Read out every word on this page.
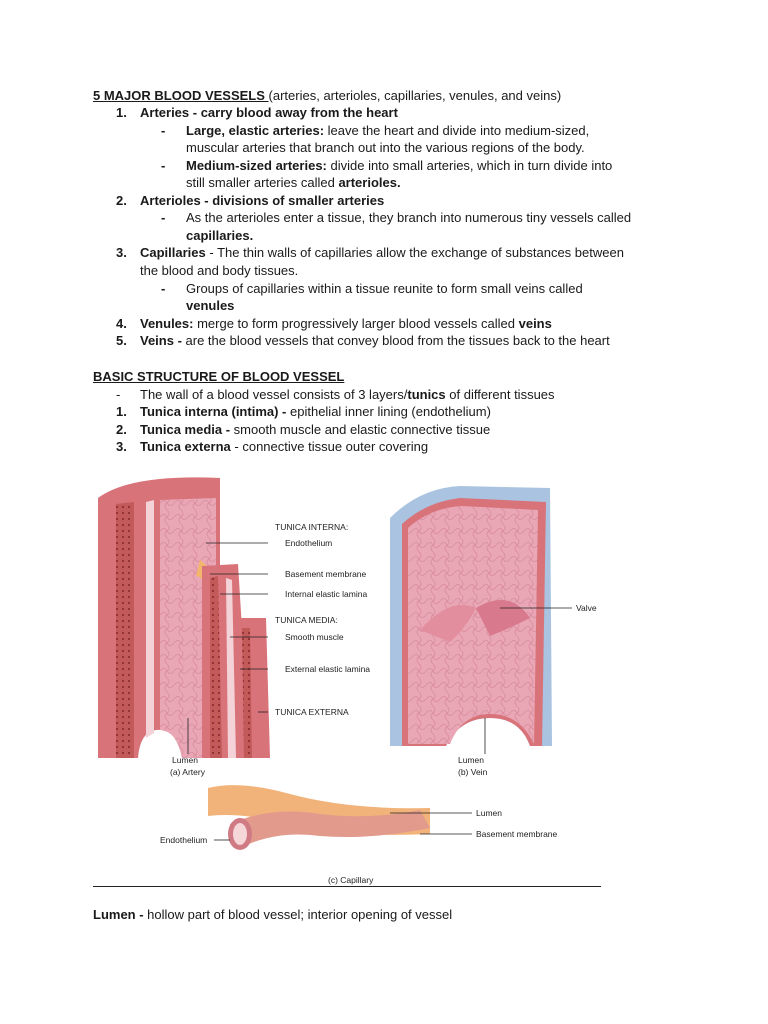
5 MAJOR BLOOD VESSELS (arteries, arterioles, capillaries, venules, and veins)
1. Arteries - carry blood away from the heart
- Large, elastic arteries: leave the heart and divide into medium-sized,
muscular arteries that branch out into the various regions of the body.
- Medium-sized arteries: divide into small arteries, which in turn divide into
still smaller arteries called arterioles.
2. Arterioles - divisions of smaller arteries
- As the arterioles enter a tissue, they branch into numerous tiny vessels called
capillaries.
3. Capillaries - The thin walls of capillaries allow the exchange of substances between
the blood and body tissues.
- Groups of capillaries within a tissue reunite to form small veins called
venules
4. Venules: merge to form progressively larger blood vessels called veins
5. Veins - are the blood vessels that convey blood from the tissues back to the heart
BASIC STRUCTURE OF BLOOD VESSEL
- The wall of a blood vessel consists of 3 layers/tunics of different tissues
1. Tunica interna (intima) - epithelial inner lining (endothelium)
2. Tunica media - smooth muscle and elastic connective tissue
3. Tunica externa - connective tissue outer covering
TUNICA INTERNA:
Endothelium
Basement membrane
Internal elastic lamina
TUNICA MEDIA:
Smooth muscle
External elastic lamina
TUNICA EXTERNA
Lumen
(a) Artery
Valve
Lumen
(b) Vein
Lumen
Basement membrane
Endothelium
(c) Capillary
Lumen - hollow part of blood vessel; interior opening of vessel
